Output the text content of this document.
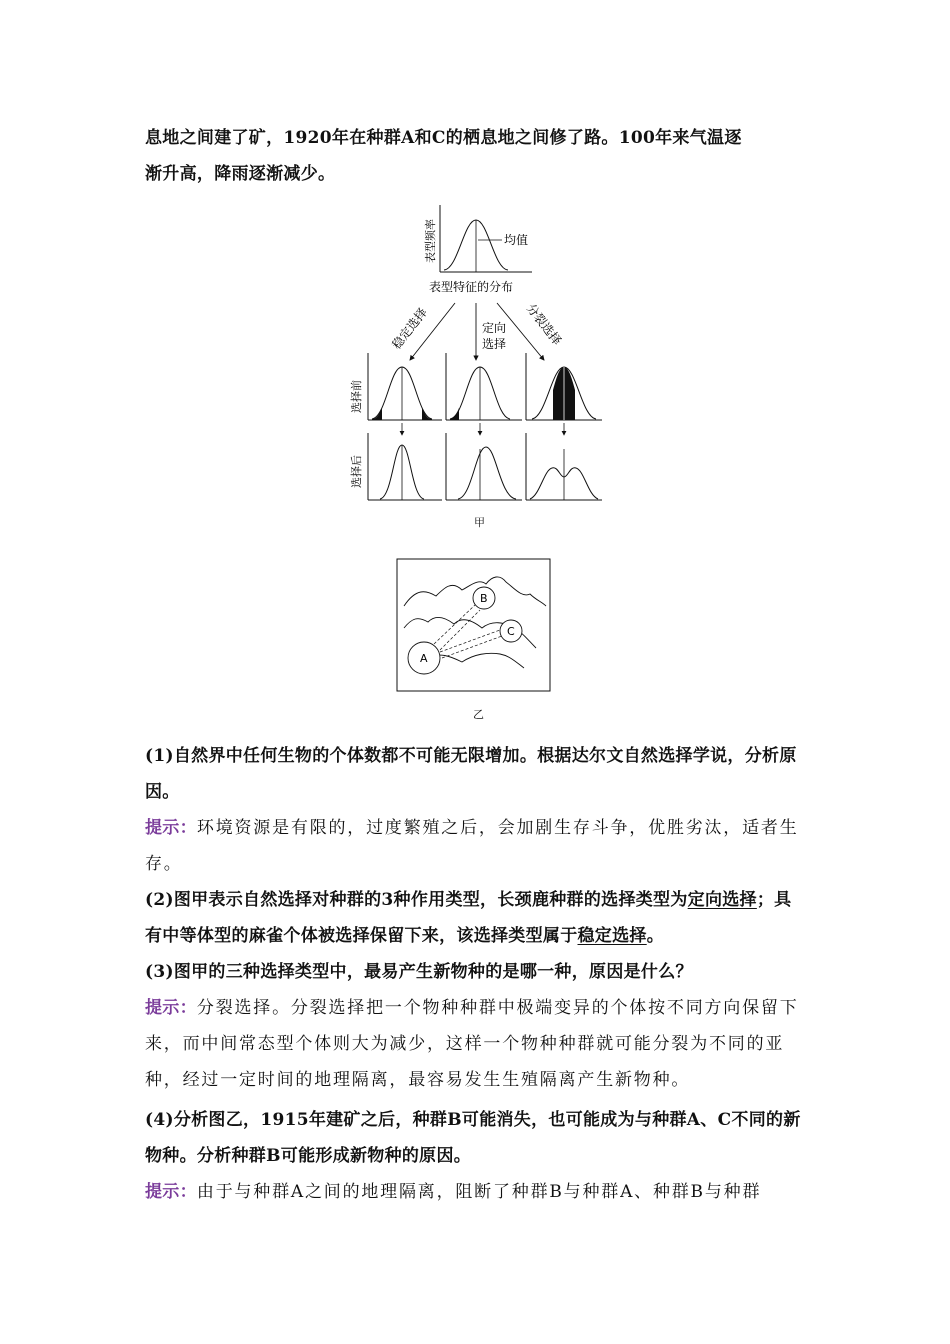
息地之间建了矿，1920年在种群A和C的栖息地之间修了路。100年来气温逐
渐升高，降雨逐渐减少。
均值
表型频率
表型特征的分布
稳定选择	定向
选择 分裂选择
选择前
选择后
甲
A
B
C
乙
(1)自然界中任何生物的个体数都不可能无限增加。根据达尔文自然选择学说，分析原因。
提示：环境资源是有限的，过度繁殖之后，会加剧生存斗争，优胜劣汰，适者生存。
(2)图甲表示自然选择对种群的3种作用类型，长颈鹿种群的选择类型为定向选择；具有中等体型的麻雀个体被选择保留下来，该选择类型属于稳定选择。
(3)图甲的三种选择类型中，最易产生新物种的是哪一种，原因是什么？
提示：分裂选择。分裂选择把一个物种种群中极端变异的个体按不同方向保留下来，而中间常态型个体则大为减少，这样一个物种种群就可能分裂为不同的亚种，经过一定时间的地理隔离，最容易发生生殖隔离产生新物种。
(4)分析图乙，1915年建矿之后，种群B可能消失，也可能成为与种群A、C不同的新物种。分析种群B可能形成新物种的原因。
提示：由于与种群A之间的地理隔离，阻断了种群B与种群A、种群B与种群
